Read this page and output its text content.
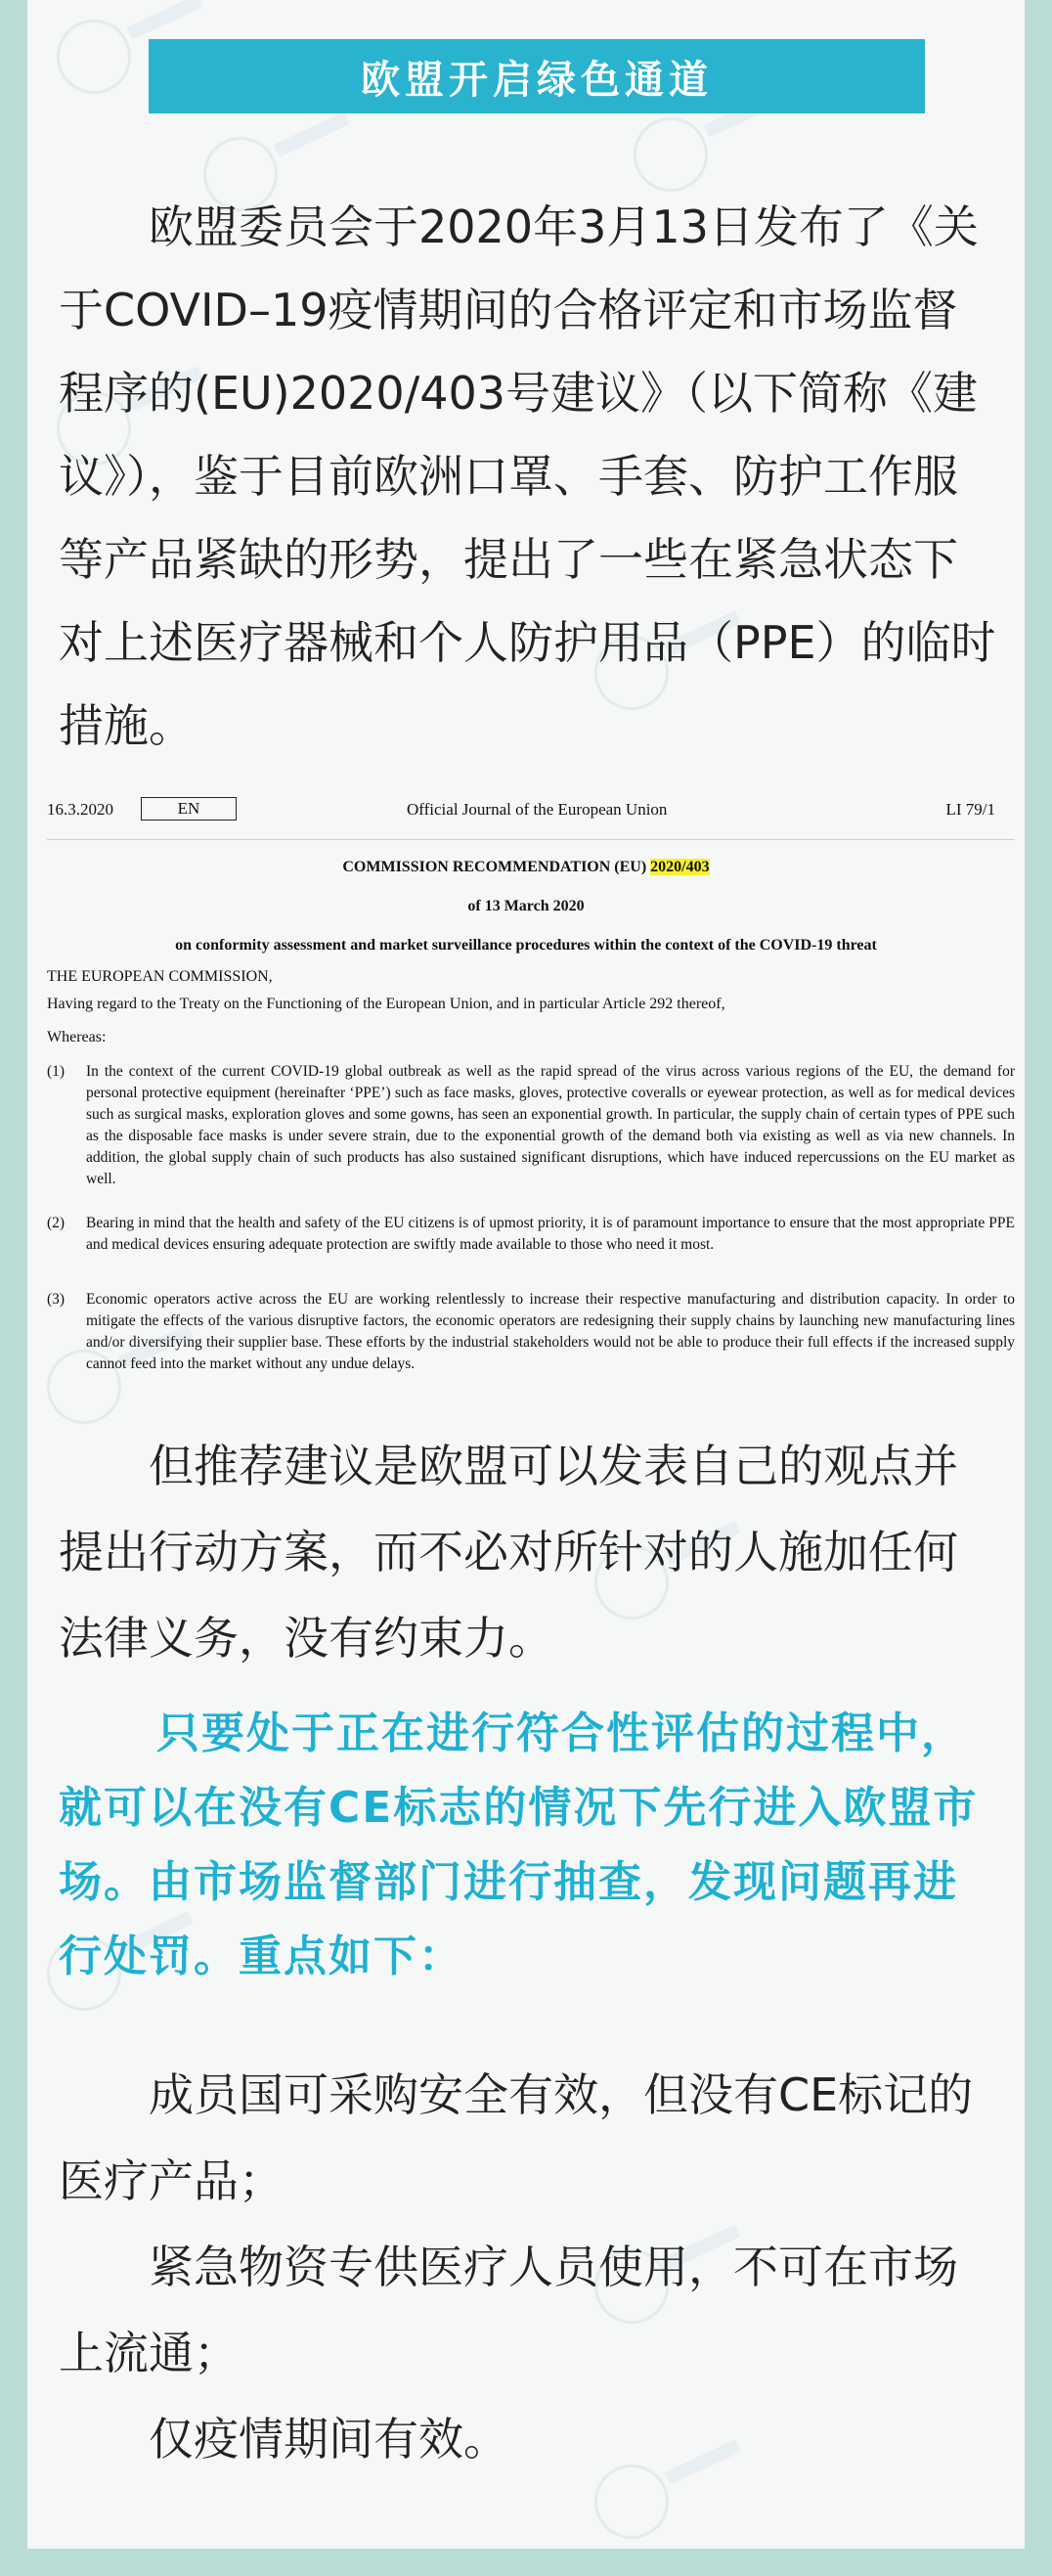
欧盟开启绿色通道

欧盟委员会于2020年3月13日发布了《关于COVID–19疫情期间的合格评定和市场监督程序的(EU)2020/403号建议》（以下简称《建议》），鉴于目前欧洲口罩、手套、防护工作服等产品紧缺的形势，提出了一些在紧急状态下对上述医疗器械和个人防护用品（PPE）的临时措施。

16.3.2020	EN	Official Journal of the European Union	LI 79/1
COMMISSION RECOMMENDATION (EU) 2020/403
of 13 March 2020
on conformity assessment and market surveillance procedures within the context of the COVID-19 threat
THE EUROPEAN COMMISSION,
Having regard to the Treaty on the Functioning of the European Union, and in particular Article 292 thereof,
Whereas:
(1) In the context of the current COVID-19 global outbreak as well as the rapid spread of the virus across various regions of the EU, the demand for personal protective equipment (hereinafter ‘PPE’) such as face masks, gloves, protective coveralls or eyewear protection, as well as for medical devices such as surgical masks, exploration gloves and some gowns, has seen an exponential growth. In particular, the supply chain of certain types of PPE such as the disposable face masks is under severe strain, due to the exponential growth of the demand both via existing as well as via new channels. In addition, the global supply chain of such products has also sustained significant disruptions, which have induced repercussions on the EU market as well.
(2) Bearing in mind that the health and safety of the EU citizens is of upmost priority, it is of paramount importance to ensure that the most appropriate PPE and medical devices ensuring adequate protection are swiftly made available to those who need it most.
(3) Economic operators active across the EU are working relentlessly to increase their respective manufacturing and distribution capacity. In order to mitigate the effects of the various disruptive factors, the economic operators are redesigning their supply chains by launching new manufacturing lines and/or diversifying their supplier base. These efforts by the industrial stakeholders would not be able to produce their full effects if the increased supply cannot feed into the market without any undue delays.

但推荐建议是欧盟可以发表自己的观点并提出行动方案，而不必对所针对的人施加任何法律义务，没有约束力。

只要处于正在进行符合性评估的过程中，就可以在没有CE标志的情况下先行进入欧盟市场。由市场监督部门进行抽查，发现问题再进行处罚。重点如下：

成员国可采购安全有效，但没有CE标记的医疗产品；
紧急物资专供医疗人员使用，不可在市场上流通；
仅疫情期间有效。
